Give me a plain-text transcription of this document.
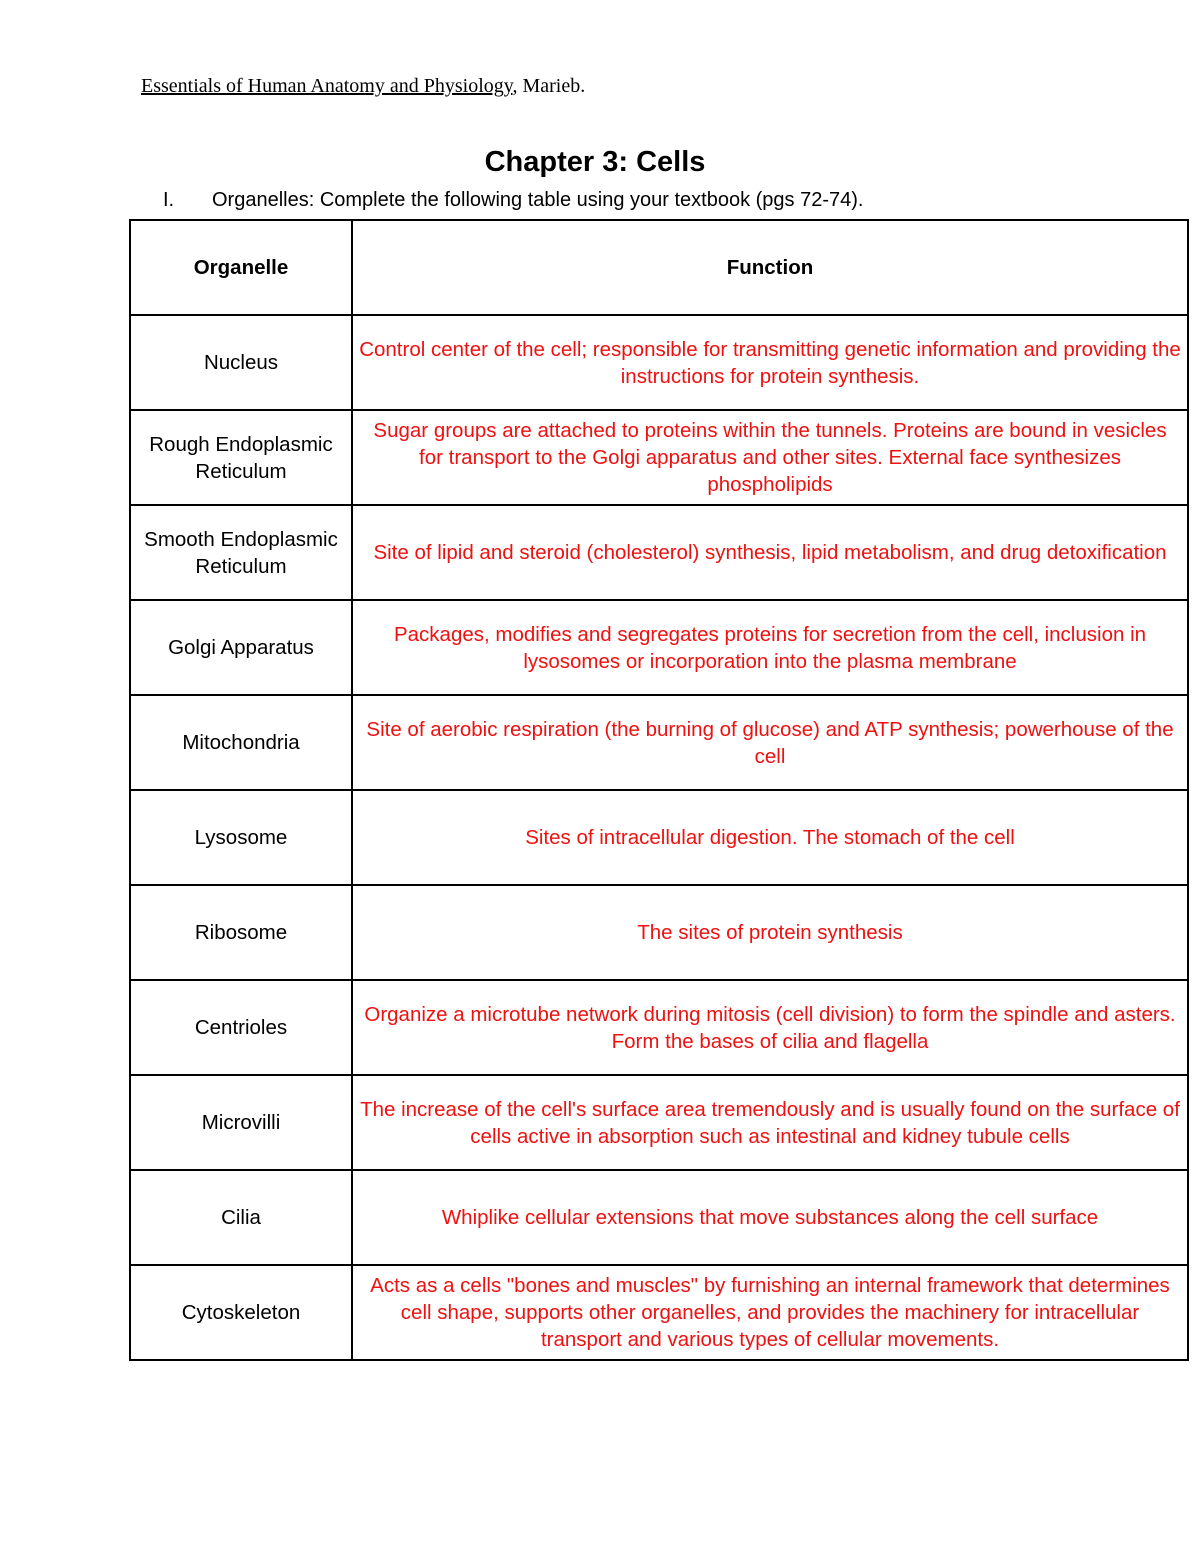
Essentials of Human Anatomy and Physiology, Marieb.
Chapter 3: Cells
I. Organelles: Complete the following table using your textbook (pgs 72-74).
Organelle	Function
Nucleus	Control center of the cell; responsible for transmitting genetic information and providing the instructions for protein synthesis.
Rough Endoplasmic Reticulum	Sugar groups are attached to proteins within the tunnels. Proteins are bound in vesicles for transport to the Golgi apparatus and other sites. External face synthesizes phospholipids
Smooth Endoplasmic Reticulum	Site of lipid and steroid (cholesterol) synthesis, lipid metabolism, and drug detoxification
Golgi Apparatus	Packages, modifies and segregates proteins for secretion from the cell, inclusion in lysosomes or incorporation into the plasma membrane
Mitochondria	Site of aerobic respiration (the burning of glucose) and ATP synthesis; powerhouse of the cell
Lysosome	Sites of intracellular digestion. The stomach of the cell
Ribosome	The sites of protein synthesis
Centrioles	Organize a microtube network during mitosis (cell division) to form the spindle and asters. Form the bases of cilia and flagella
Microvilli	The increase of the cell's surface area tremendously and is usually found on the surface of cells active in absorption such as intestinal and kidney tubule cells
Cilia	Whiplike cellular extensions that move substances along the cell surface
Cytoskeleton	Acts as a cells "bones and muscles" by furnishing an internal framework that determines cell shape, supports other organelles, and provides the machinery for intracellular transport and various types of cellular movements.
